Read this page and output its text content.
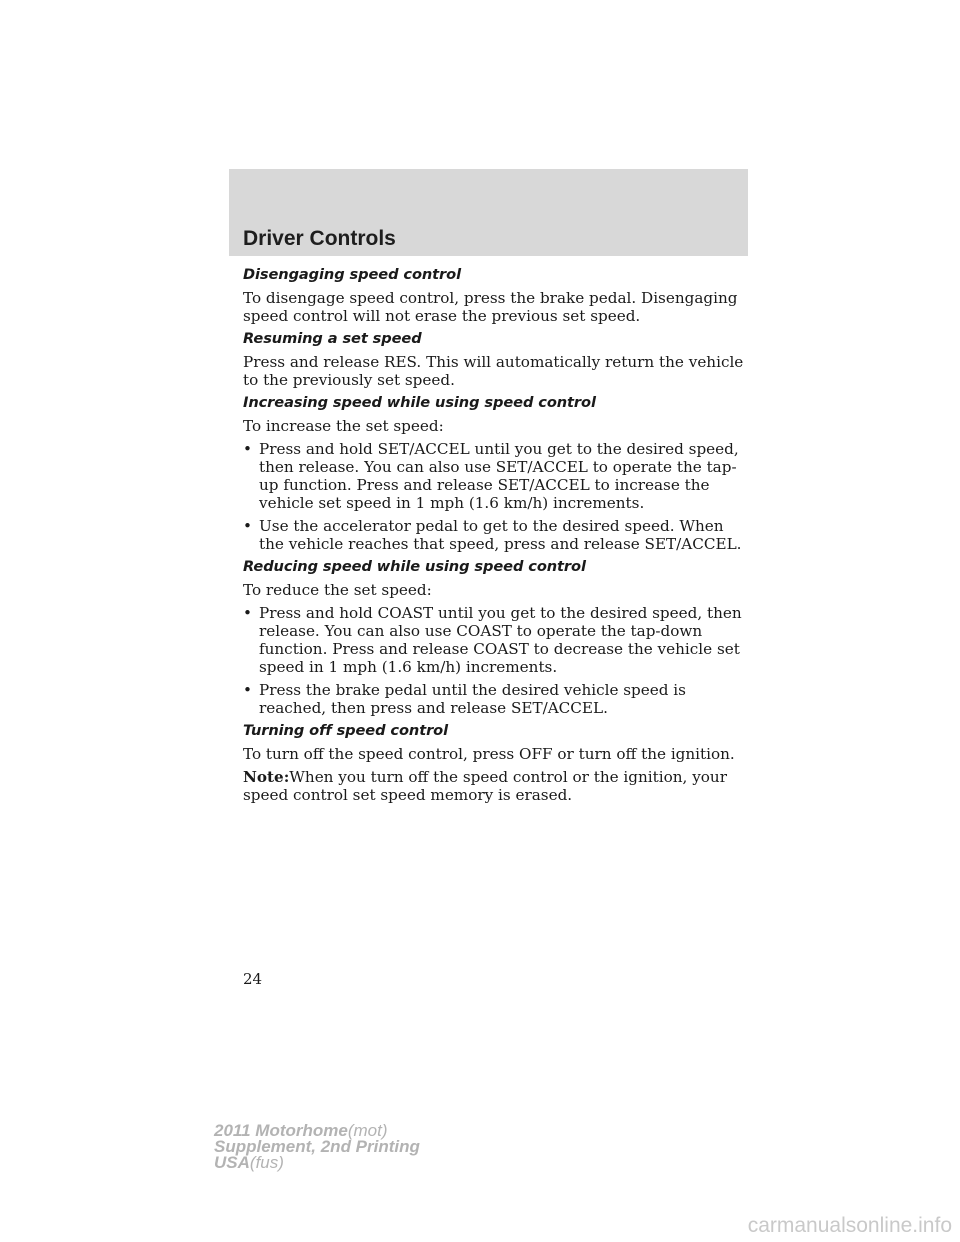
Driver Controls
Disengaging speed control

To disengage speed control, press the brake pedal. Disengaging speed control will not erase the previous set speed.

Resuming a set speed

Press and release RES. This will automatically return the vehicle to the previously set speed.

Increasing speed while using speed control

To increase the set speed:

• Press and hold SET/ACCEL until you get to the desired speed, then release. You can also use SET/ACCEL to operate the tap-up function. Press and release SET/ACCEL to increase the vehicle set speed in 1 mph (1.6 km/h) increments.
• Use the accelerator pedal to get to the desired speed. When the vehicle reaches that speed, press and release SET/ACCEL.
Reducing speed while using speed control

To reduce the set speed:

• Press and hold COAST until you get to the desired speed, then release. You can also use COAST to operate the tap-down function. Press and release COAST to decrease the vehicle set speed in 1 mph (1.6 km/h) increments.
• Press the brake pedal until the desired vehicle speed is reached, then press and release SET/ACCEL.
Turning off speed control

To turn off the speed control, press OFF or turn off the ignition.

Note:When you turn off the speed control or the ignition, your speed control set speed memory is erased.

24
2011 Motorhome(mot)
Supplement, 2nd Printing
USA(fus)
carmanualsonline.info
